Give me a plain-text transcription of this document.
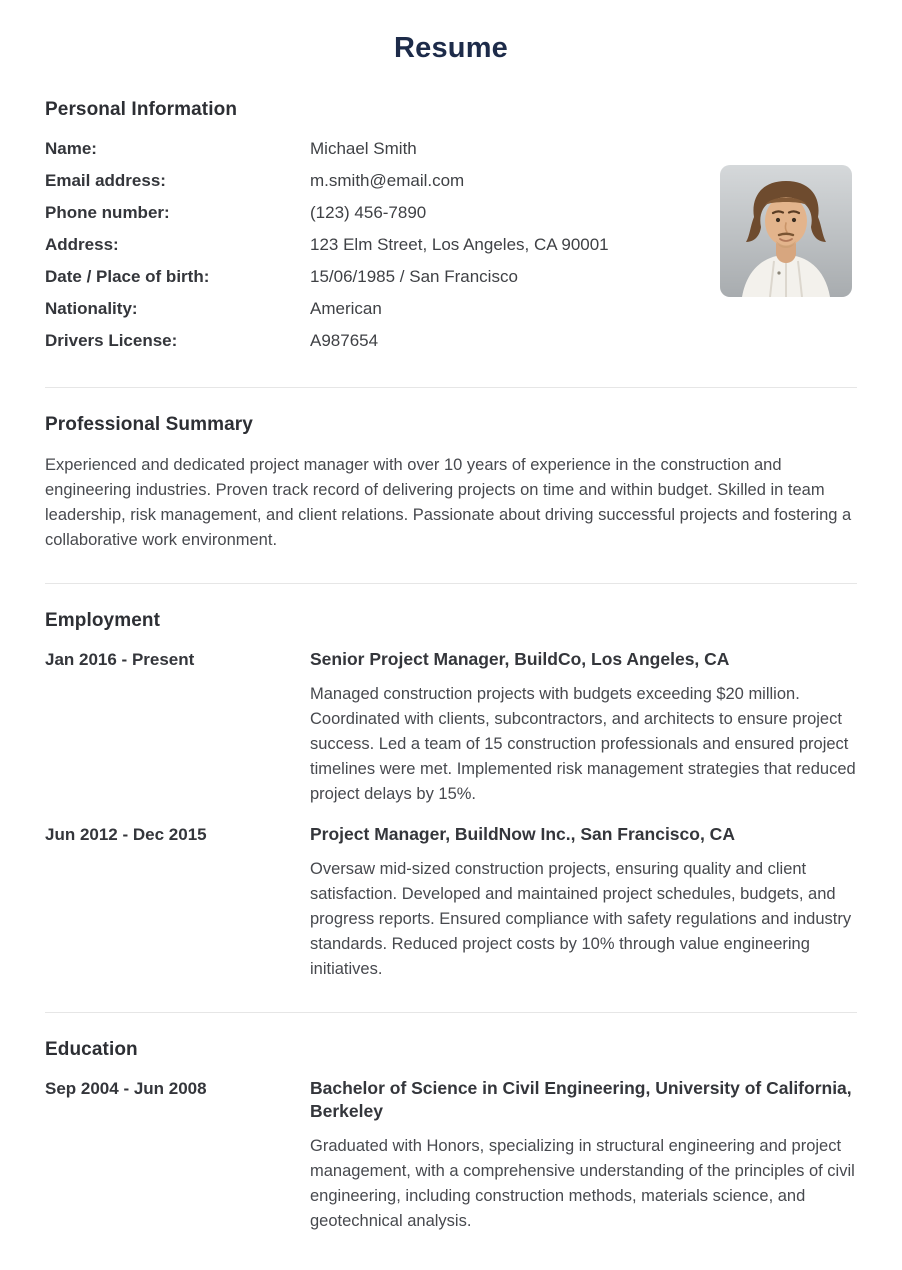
Resume
Personal Information
Name:	Michael Smith
Email address:	m.smith@email.com
Phone number:	(123) 456-7890
Address:	123 Elm Street, Los Angeles, CA 90001
Date / Place of birth:	15/06/1985 / San Francisco
Nationality:	American
Drivers License:	A987654
Professional Summary

Experienced and dedicated project manager with over 10 years of experience in the construction and engineering industries. Proven track record of delivering projects on time and within budget. Skilled in team leadership, risk management, and client relations. Passionate about driving successful projects and fostering a collaborative work environment.

Employment
Jan 2016 - Present	Senior Project Manager, BuildCo, Los Angeles, CA

Managed construction projects with budgets exceeding $20 million. Coordinated with clients, subcontractors, and architects to ensure project success. Led a team of 15 construction professionals and ensured project timelines were met. Implemented risk management strategies that reduced project delays by 15%.

Jun 2012 - Dec 2015	Project Manager, BuildNow Inc., San Francisco, CA

Oversaw mid-sized construction projects, ensuring quality and client satisfaction. Developed and maintained project schedules, budgets, and progress reports. Ensured compliance with safety regulations and industry standards. Reduced project costs by 10% through value engineering initiatives.

Education
Sep 2004 - Jun 2008	Bachelor of Science in Civil Engineering, University of California, Berkeley

Graduated with Honors, specializing in structural engineering and project management, with a comprehensive understanding of the principles of civil engineering, including construction methods, materials science, and geotechnical analysis.
